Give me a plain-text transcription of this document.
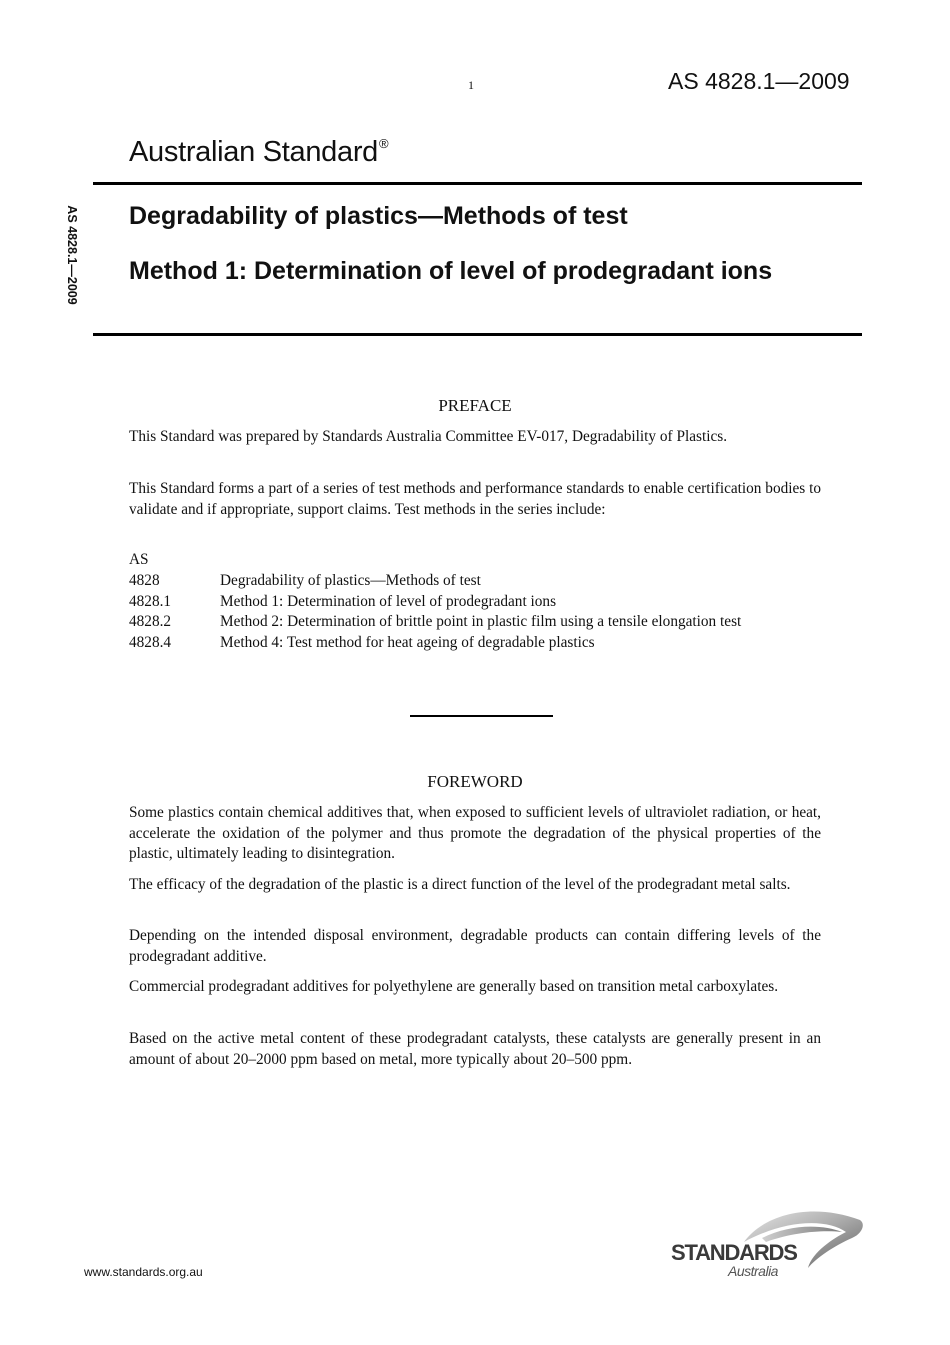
1	AS 4828.1—2009
Australian Standard®
AS 4828.1—2009 Degradability of plastics—Methods of test
Method 1: Determination of level of prodegradant ions
PREFACE
This Standard was prepared by Standards Australia Committee EV-017, Degradability of Plastics.
This Standard forms a part of a series of test methods and performance standards to enable certification bodies to validate and if appropriate, support claims. Test methods in the series include:
AS
4828	Degradability of plastics—Methods of test
4828.1	Method 1: Determination of level of prodegradant ions
4828.2	Method 2: Determination of brittle point in plastic film using a tensile elongation test
4828.4	Method 4: Test method for heat ageing of degradable plastics
FOREWORD
Some plastics contain chemical additives that, when exposed to sufficient levels of ultraviolet radiation, or heat, accelerate the oxidation of the polymer and thus promote the degradation of the physical properties of the plastic, ultimately leading to disintegration.
The efficacy of the degradation of the plastic is a direct function of the level of the prodegradant metal salts.
Depending on the intended disposal environment, degradable products can contain differing levels of the prodegradant additive.
Commercial prodegradant additives for polyethylene are generally based on transition metal carboxylates.
Based on the active metal content of these prodegradant catalysts, these catalysts are generally present in an amount of about 20–2000 ppm based on metal, more typically about 20–500 ppm.
www.standards.org.au
STANDARDS
Australia
